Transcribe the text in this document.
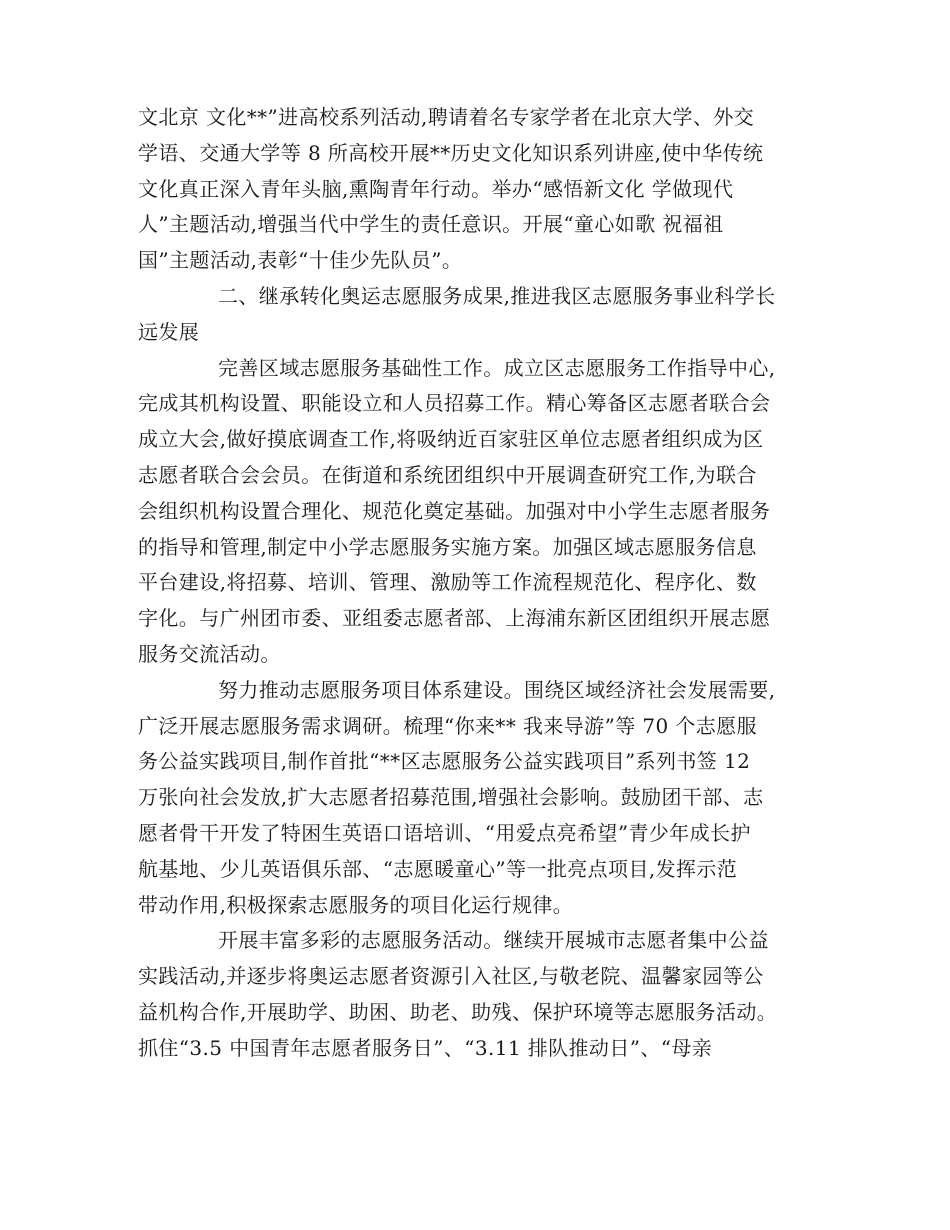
文北京 文化**”进高校系列活动,聘请着名专家学者在北京大学、外交
学语、交通大学等 8 所高校开展**历史文化知识系列讲座,使中华传统
文化真正深入青年头脑,熏陶青年行动。举办“感悟新文化 学做现代
人”主题活动,增强当代中学生的责任意识。开展“童心如歌 祝福祖
国”主题活动,表彰“十佳少先队员”。
二、继承转化奥运志愿服务成果,推进我区志愿服务事业科学长
远发展
完善区域志愿服务基础性工作。成立区志愿服务工作指导中心,
完成其机构设置、职能设立和人员招募工作。精心筹备区志愿者联合会
成立大会,做好摸底调查工作,将吸纳近百家驻区单位志愿者组织成为区
志愿者联合会会员。在街道和系统团组织中开展调查研究工作,为联合
会组织机构设置合理化、规范化奠定基础。加强对中小学生志愿者服务
的指导和管理,制定中小学志愿服务实施方案。加强区域志愿服务信息
平台建设,将招募、培训、管理、激励等工作流程规范化、程序化、数
字化。与广州团市委、亚组委志愿者部、上海浦东新区团组织开展志愿
服务交流活动。
努力推动志愿服务项目体系建设。围绕区域经济社会发展需要,
广泛开展志愿服务需求调研。梳理“你来** 我来导游”等 70 个志愿服
务公益实践项目,制作首批“**区志愿服务公益实践项目”系列书签 12
万张向社会发放,扩大志愿者招募范围,增强社会影响。鼓励团干部、志
愿者骨干开发了特困生英语口语培训、“用爱点亮希望”青少年成长护
航基地、少儿英语俱乐部、“志愿暖童心”等一批亮点项目,发挥示范
带动作用,积极探索志愿服务的项目化运行规律。
开展丰富多彩的志愿服务活动。继续开展城市志愿者集中公益
实践活动,并逐步将奥运志愿者资源引入社区,与敬老院、温馨家园等公
益机构合作,开展助学、助困、助老、助残、保护环境等志愿服务活动。
抓住“3.5 中国青年志愿者服务日”、“3.11 排队推动日”、“母亲
